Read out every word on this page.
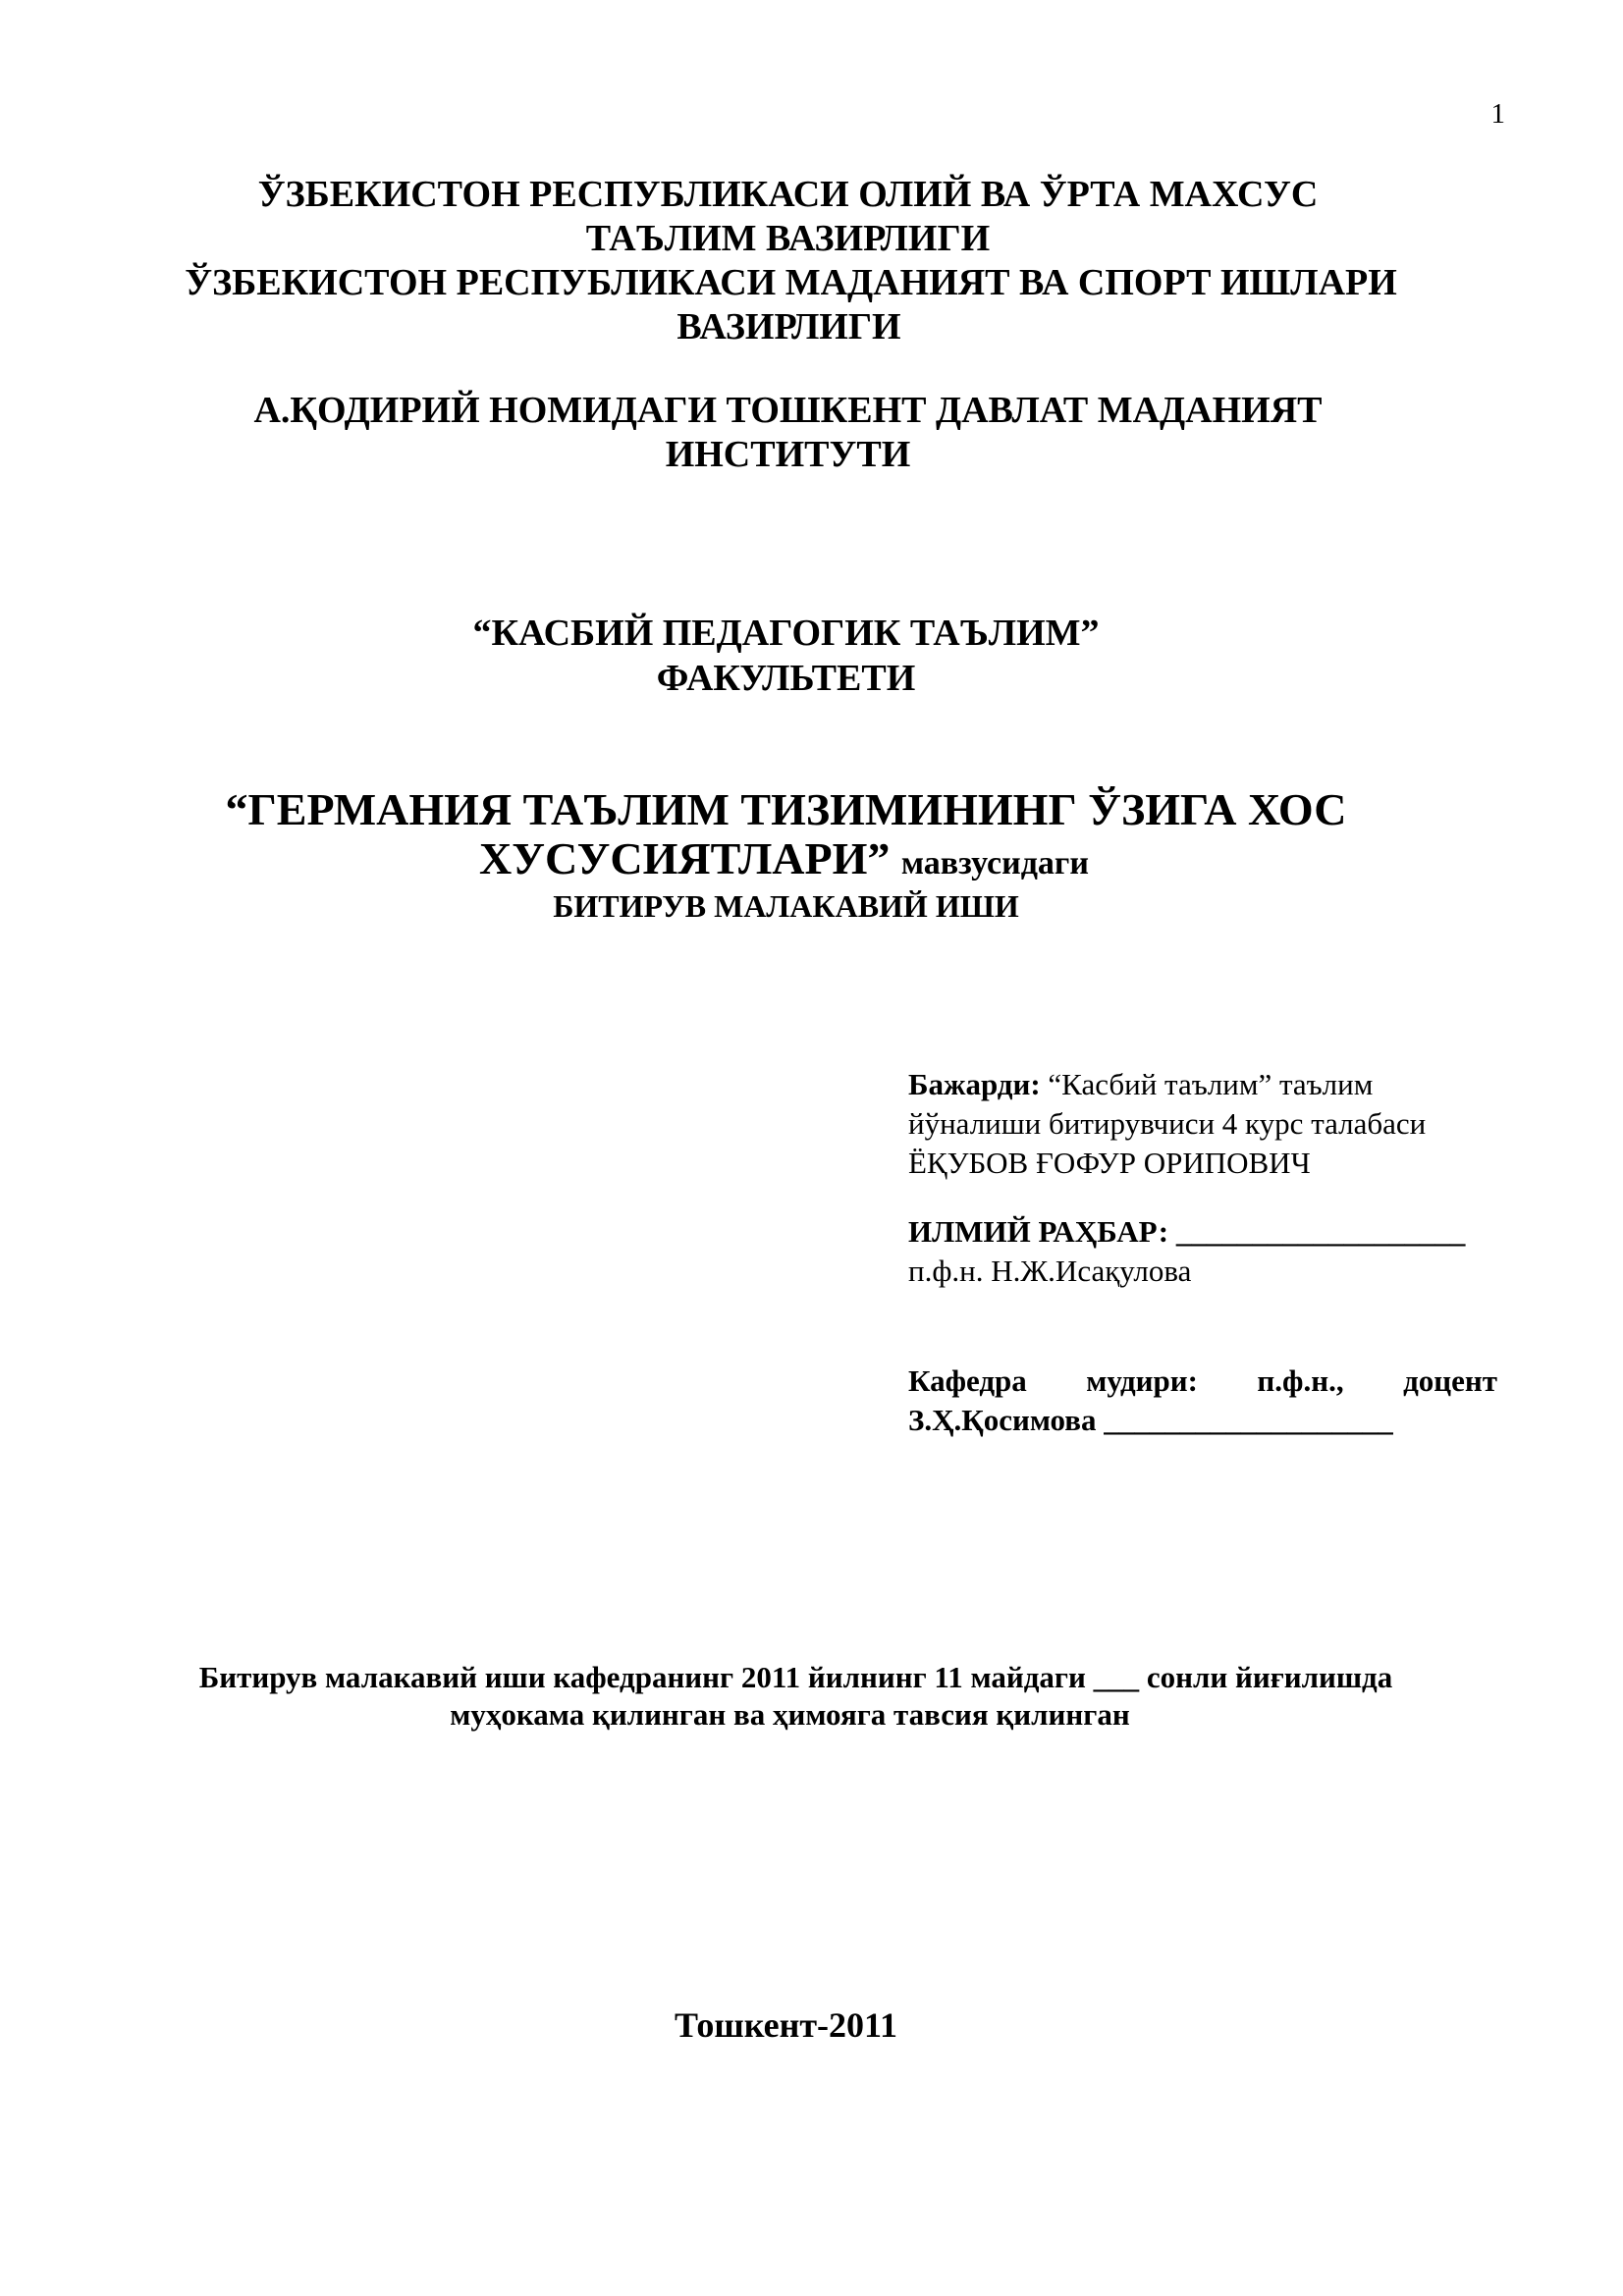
1
ЎЗБЕКИСТОН РЕСПУБЛИКАСИ ОЛИЙ ВА ЎРТА МАХСУС
ТАЪЛИМ ВАЗИРЛИГИ
ЎЗБЕКИСТОН РЕСПУБЛИКАСИ МАДАНИЯТ ВА СПОРТ ИШЛАРИ
ВАЗИРЛИГИ
А.ҚОДИРИЙ НОМИДАГИ ТОШКЕНТ ДАВЛАТ МАДАНИЯТ
ИНСТИТУТИ
“КАСБИЙ ПЕДАГОГИК ТАЪЛИМ”
ФАКУЛЬТЕТИ
“ГЕРМАНИЯ ТАЪЛИМ ТИЗИМИНИНГ ЎЗИГА ХОС
ХУСУСИЯТЛАРИ” мавзусидаги
БИТИРУВ МАЛАКАВИЙ ИШИ
Бажарди: “Касбий таълим” таълим
йўналиши битирувчиси 4 курс талабаси
ЁҚУБОВ ҒОФУР ОРИПОВИЧ
ИЛМИЙ РАҲБАР: ___________________
п.ф.н. Н.Ж.Исақулова
Кафедра мудири: п.ф.н., доцент
З.Ҳ.Қосимова ___________________
Битирув малакавий иши кафедранинг 2011 йилнинг 11 майдаги ___ сонли йиғилишда
муҳокама қилинган ва ҳимояга тавсия қилинган
Тошкент-2011
